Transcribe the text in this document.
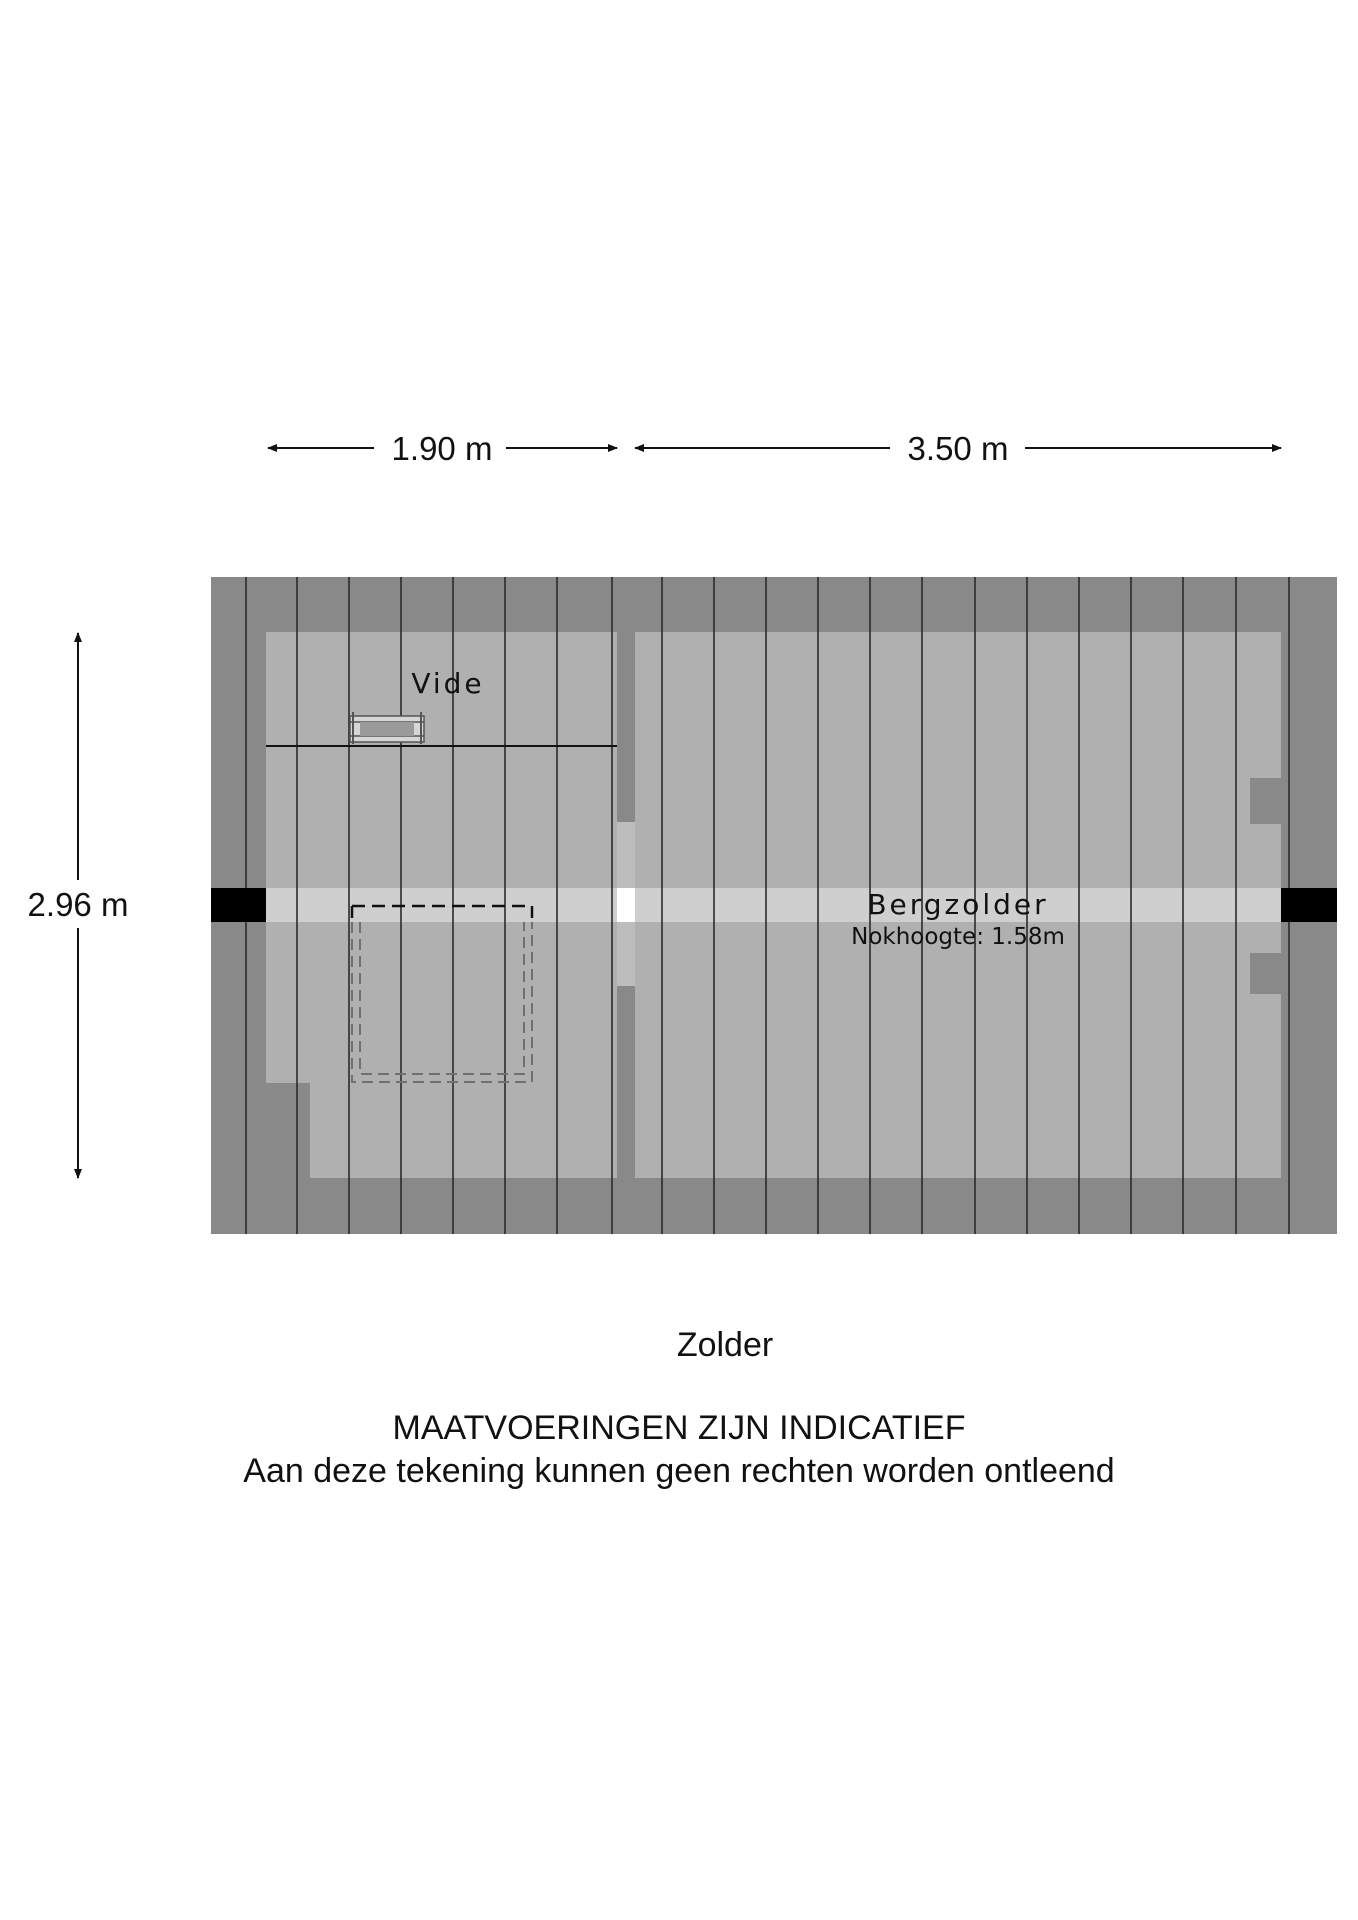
1.90 m	3.50 m
2.96 m
Vide
Bergzolder
Nokhoogte: 1.58m
Zolder
MAATVOERINGEN ZIJN INDICATIEF
Aan deze tekening kunnen geen rechten worden ontleend
